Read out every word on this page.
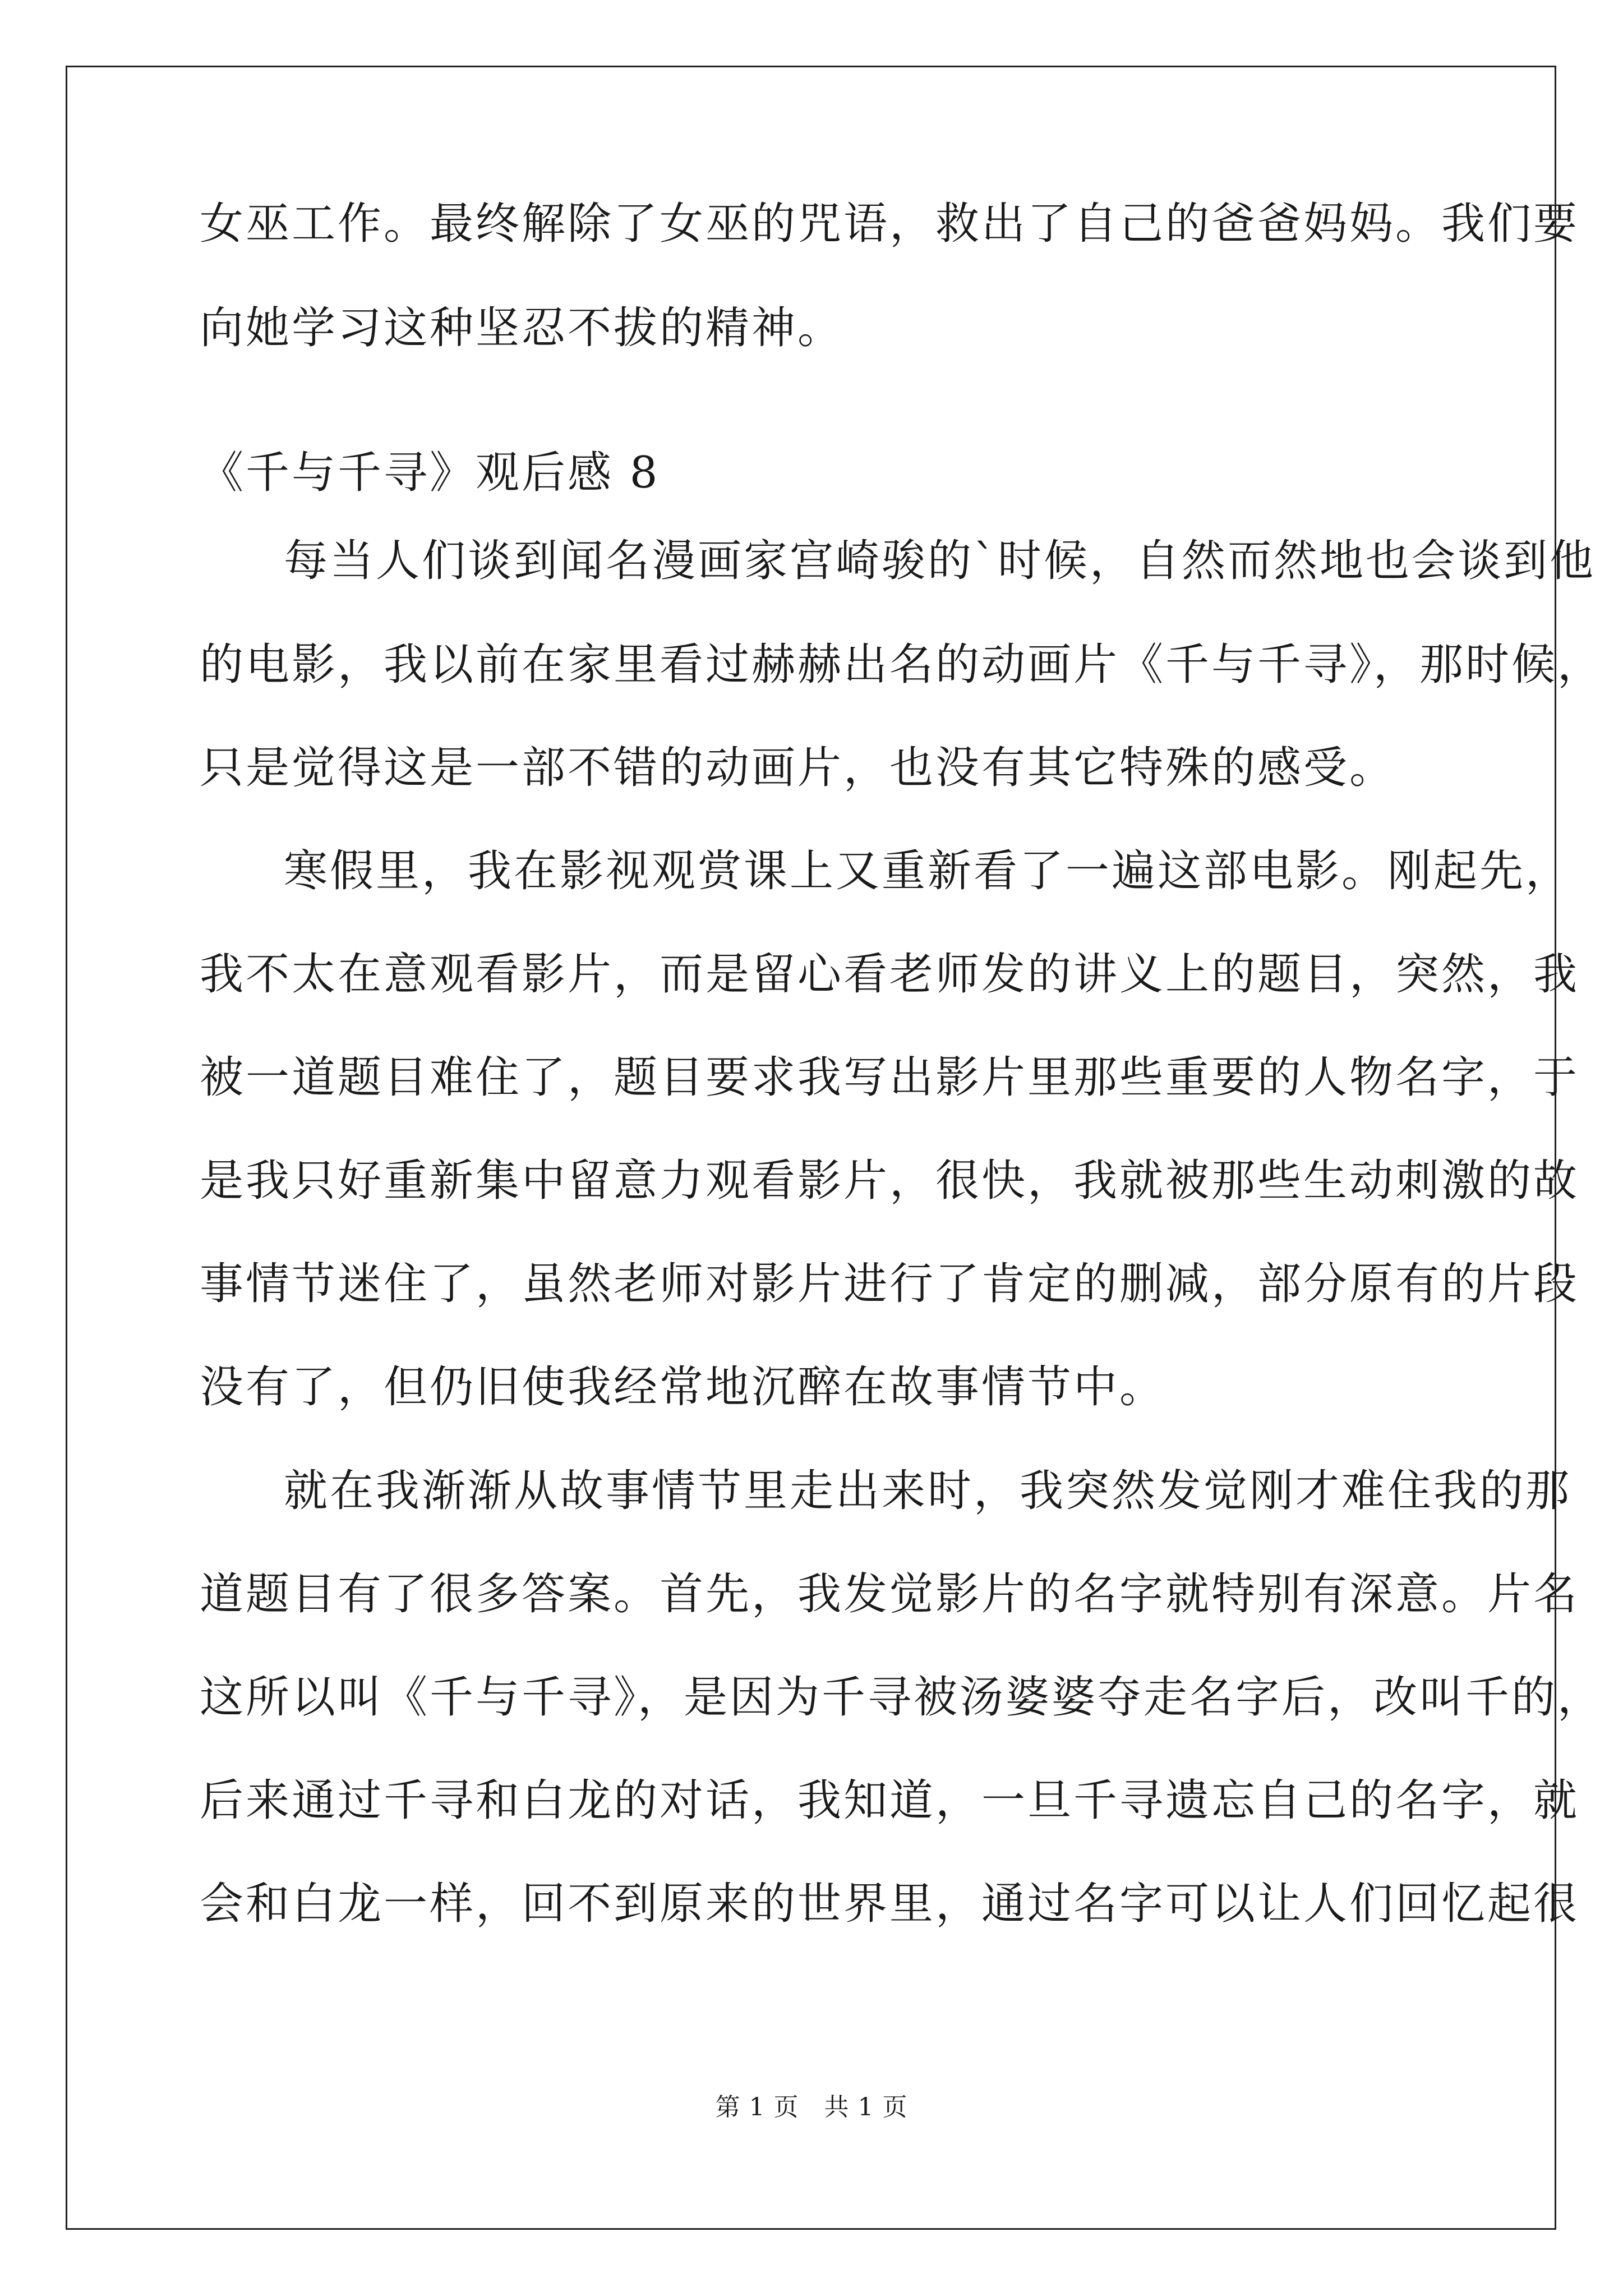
女巫工作。最终解除了女巫的咒语，救出了自己的爸爸妈妈。我们要
向她学习这种坚忍不拔的精神。
《千与千寻》观后感 8
每当人们谈到闻名漫画家宫崎骏的`时候，自然而然地也会谈到他
的电影，我以前在家里看过赫赫出名的动画片《千与千寻》，那时候，
只是觉得这是一部不错的动画片，也没有其它特殊的感受。
寒假里，我在影视观赏课上又重新看了一遍这部电影。刚起先，
我不太在意观看影片，而是留心看老师发的讲义上的题目，突然，我
被一道题目难住了，题目要求我写出影片里那些重要的人物名字，于
是我只好重新集中留意力观看影片，很快，我就被那些生动刺激的故
事情节迷住了，虽然老师对影片进行了肯定的删减，部分原有的片段
没有了，但仍旧使我经常地沉醉在故事情节中。
就在我渐渐从故事情节里走出来时，我突然发觉刚才难住我的那
道题目有了很多答案。首先，我发觉影片的名字就特别有深意。片名
这所以叫《千与千寻》，是因为千寻被汤婆婆夺走名字后，改叫千的，
后来通过千寻和白龙的对话，我知道，一旦千寻遗忘自己的名字，就
会和白龙一样，回不到原来的世界里，通过名字可以让人们回忆起很
第 1 页　共 1 页
